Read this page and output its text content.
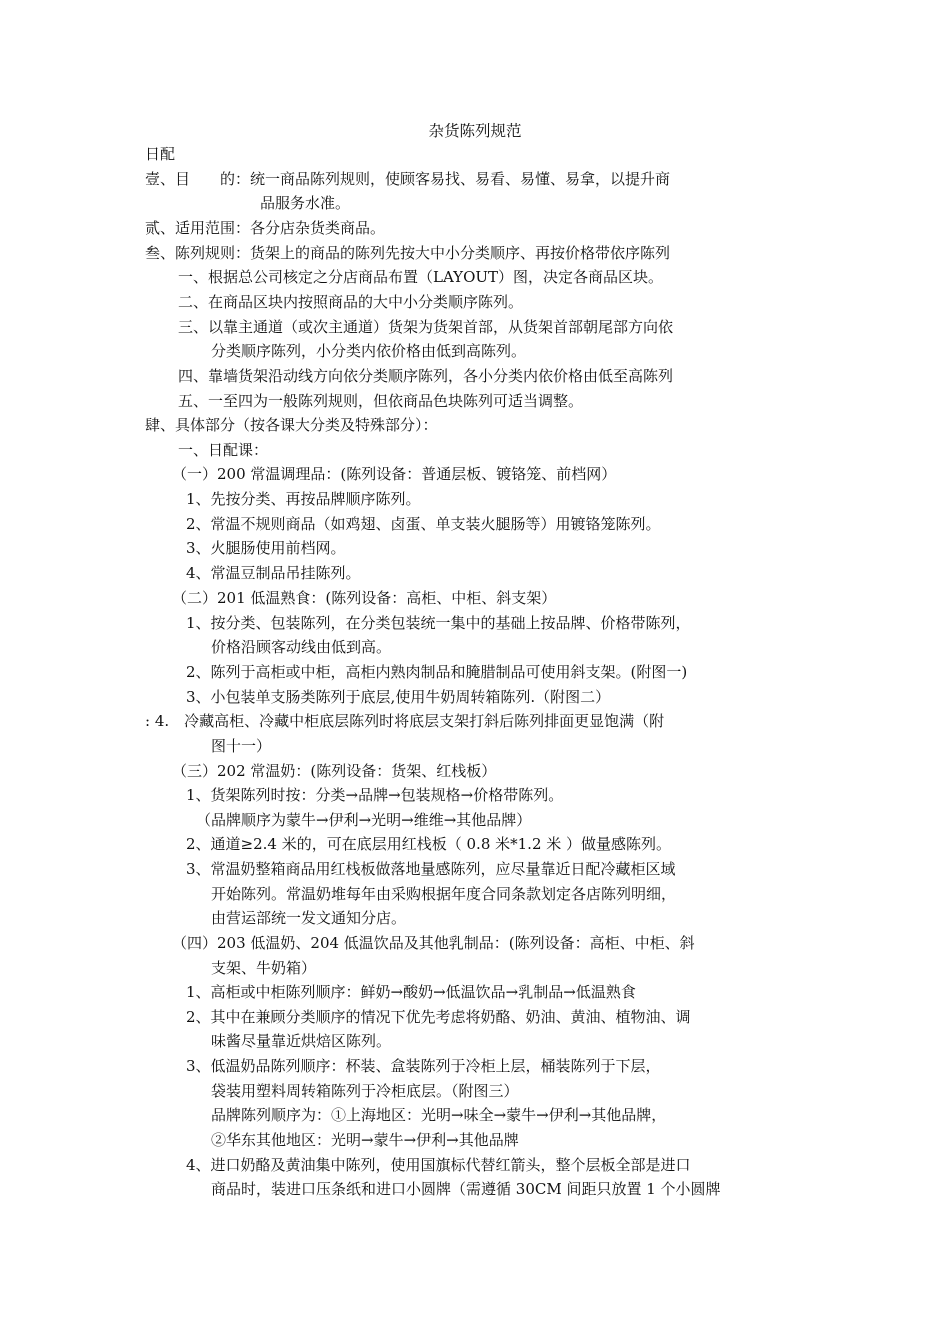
杂货陈列规范
日配
壹、目　　的：统一商品陈列规则，使顾客易找、易看、易懂、易拿，以提升商
品服务水准。
贰、适用范围：各分店杂货类商品。
叁、陈列规则：货架上的商品的陈列先按大中小分类顺序、再按价格带依序陈列
一、根据总公司核定之分店商品布置（LAYOUT）图，决定各商品区块。
二、在商品区块内按照商品的大中小分类顺序陈列。
三、以靠主通道（或次主通道）货架为货架首部，从货架首部朝尾部方向依
分类顺序陈列，小分类内依价格由低到高陈列。
四、靠墙货架沿动线方向依分类顺序陈列，各小分类内依价格由低至高陈列
五、一至四为一般陈列规则，但依商品色块陈列可适当调整。
肆、具体部分（按各课大分类及特殊部分）：
一、日配课：
（一）200 常温调理品：(陈列设备：普通层板、镀铬笼、前档网）
1、先按分类、再按品牌顺序陈列。
2、常温不规则商品（如鸡翅、卤蛋、单支装火腿肠等）用镀铬笼陈列。
3、火腿肠使用前档网。
4、常温豆制品吊挂陈列。
（二）201 低温熟食：(陈列设备：高柜、中柜、斜支架）
1、按分类、包装陈列，在分类包装统一集中的基础上按品牌、价格带陈列，
价格沿顾客动线由低到高。
2、陈列于高柜或中柜，高柜内熟肉制品和腌腊制品可使用斜支架。(附图一)
3、小包装单支肠类陈列于底层,使用牛奶周转箱陈列.（附图二）
: 4.　冷藏高柜、冷藏中柜底层陈列时将底层支架打斜后陈列排面更显饱满（附
图十一）
（三）202 常温奶：(陈列设备：货架、红栈板）
1、货架陈列时按：分类→品牌→包装规格→价格带陈列。
（品牌顺序为蒙牛→伊利→光明→维维→其他品牌）
2、通道≥2.4 米的，可在底层用红栈板（ 0.8 米*1.2 米 ）做量感陈列。
3、常温奶整箱商品用红栈板做落地量感陈列，应尽量靠近日配冷藏柜区域
开始陈列。常温奶堆每年由采购根据年度合同条款划定各店陈列明细，
由营运部统一发文通知分店。
（四）203 低温奶、204 低温饮品及其他乳制品：(陈列设备：高柜、中柜、斜
支架、牛奶箱）
1、高柜或中柜陈列顺序：鲜奶→酸奶→低温饮品→乳制品→低温熟食
2、其中在兼顾分类顺序的情况下优先考虑将奶酪、奶油、黄油、植物油、调
味酱尽量靠近烘焙区陈列。
3、低温奶品陈列顺序：杯装、盒装陈列于冷柜上层，桶装陈列于下层，
袋装用塑料周转箱陈列于冷柜底层。（附图三）
品牌陈列顺序为：①上海地区：光明→味全→蒙牛→伊利→其他品牌，
②华东其他地区：光明→蒙牛→伊利→其他品牌
4、进口奶酪及黄油集中陈列，使用国旗标代替红箭头，整个层板全部是进口
商品时，装进口压条纸和进口小圆牌（需遵循 30CM 间距只放置 1 个小圆牌
